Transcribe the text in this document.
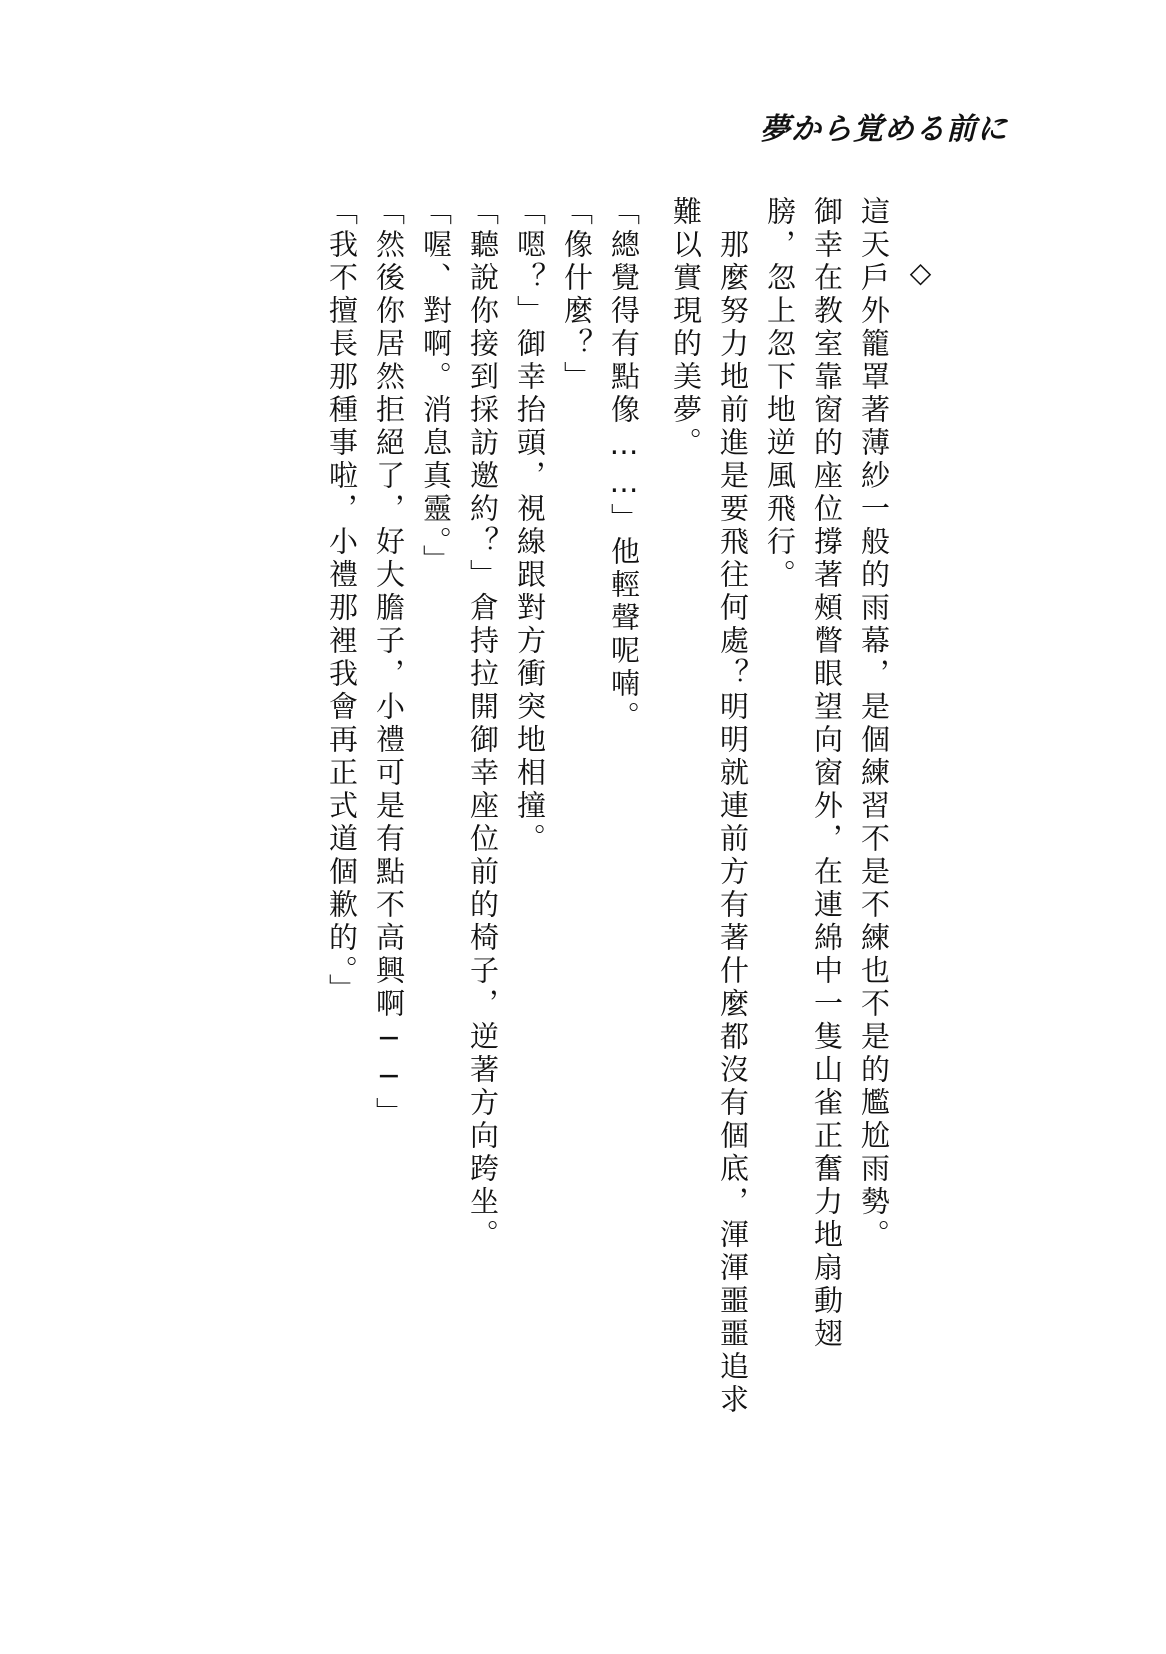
夢から覚める前に

◇

這天戶外籠罩著薄紗一般的雨幕，是個練習不是不練也不是的尷尬雨勢。

御幸在教室靠窗的座位撐著頰瞥眼望向窗外，在連綿中一隻山雀正奮力地扇動翅

膀，忽上忽下地逆風飛行。

　那麼努力地前進是要飛往何處？明明就連前方有著什麼都沒有個底，渾渾噩噩追求

難以實現的美夢。

「總覺得有點像……」他輕聲呢喃。

「像什麼？」

「嗯？」御幸抬頭，視線跟對方衝突地相撞。

「聽說你接到採訪邀約？」倉持拉開御幸座位前的椅子，逆著方向跨坐。

「喔、對啊。消息真靈。」

「然後你居然拒絕了，好大膽子，小禮可是有點不高興啊──」

「我不擅長那種事啦，小禮那裡我會再正式道個歉的。」
